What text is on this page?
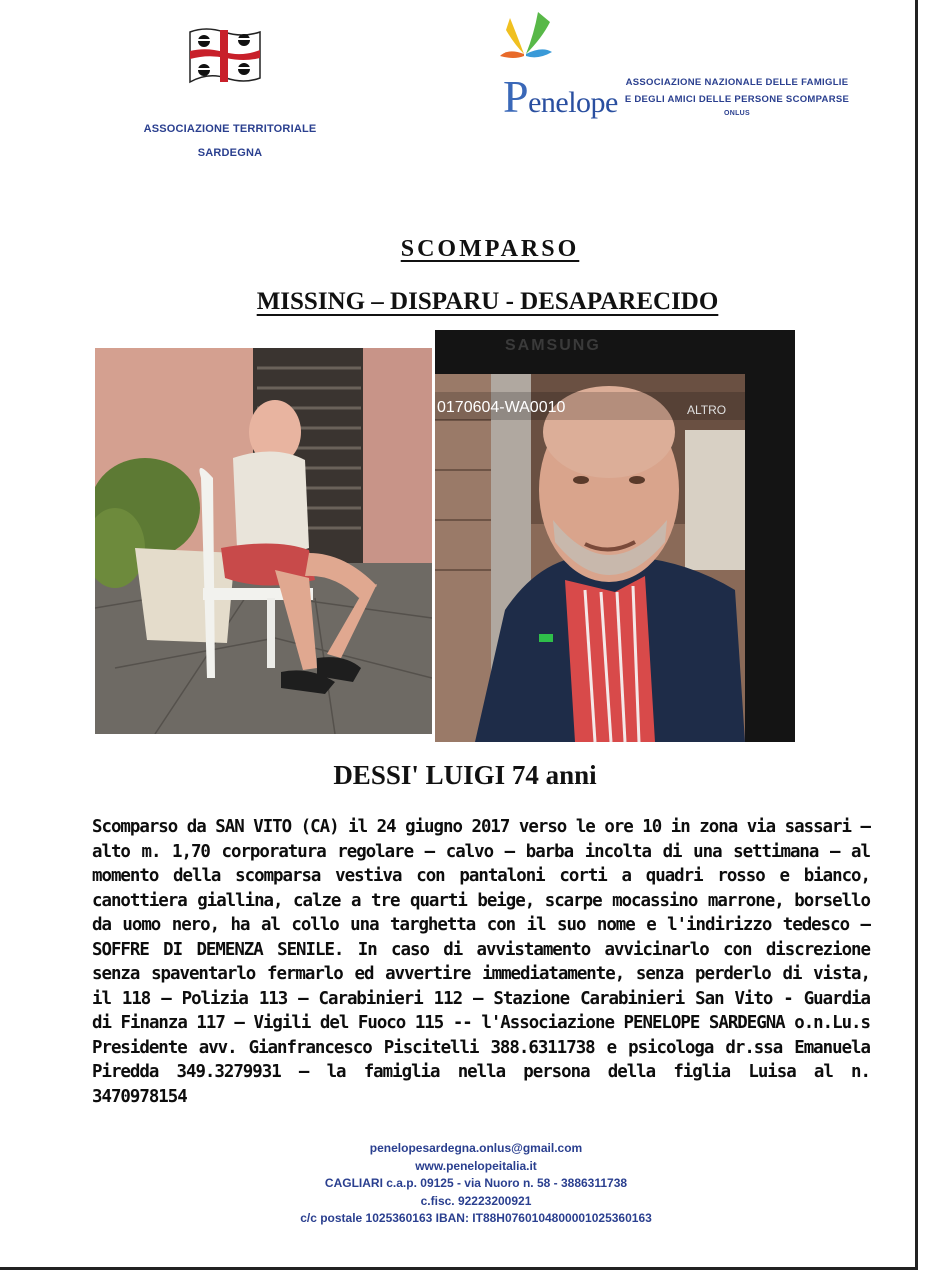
ASSOCIAZIONE TERRITORIALE
SARDEGNA
Penelope
ASSOCIAZIONE NAZIONALE DELLE FAMIGLIE
E DEGLI AMICI DELLE PERSONE SCOMPARSE
ONLUS
SCOMPARSO
MISSING – DISPARU - DESAPARECIDO
SAMSUNG
0170604-WA0010	ALTRO
DESSI' LUIGI 74 anni
Scomparso da SAN VITO (CA) il 24 giugno 2017 verso le ore 10 in zona via sassari – alto m. 1,70 corporatura regolare – calvo – barba incolta di una settimana – al momento della scomparsa vestiva con pantaloni corti a quadri rosso e bianco, canottiera giallina, calze a tre quarti beige, scarpe mocassino marrone, borsello da uomo nero, ha al collo una targhetta con il suo nome e l'indirizzo tedesco – SOFFRE DI DEMENZA SENILE. In caso di avvistamento avvicinarlo con discrezione senza spaventarlo fermarlo ed avvertire immediatamente, senza perderlo di vista, il 118 – Polizia 113 – Carabinieri 112 – Stazione Carabinieri San Vito - Guardia di Finanza 117 – Vigili del Fuoco 115 -- l'Associazione PENELOPE SARDEGNA o.n.Lu.s Presidente avv. Gianfrancesco Piscitelli 388.6311738 e psicologa dr.ssa Emanuela Piredda 349.3279931 – la famiglia nella persona della figlia Luisa al n. 3470978154
penelopesardegna.onlus@gmail.com
www.penelopeitalia.it
CAGLIARI c.a.p. 09125 - via Nuoro n. 58 - 3886311738
c.fisc. 92223200921
c/c postale 1025360163 IBAN: IT88H0760104800001025360163
